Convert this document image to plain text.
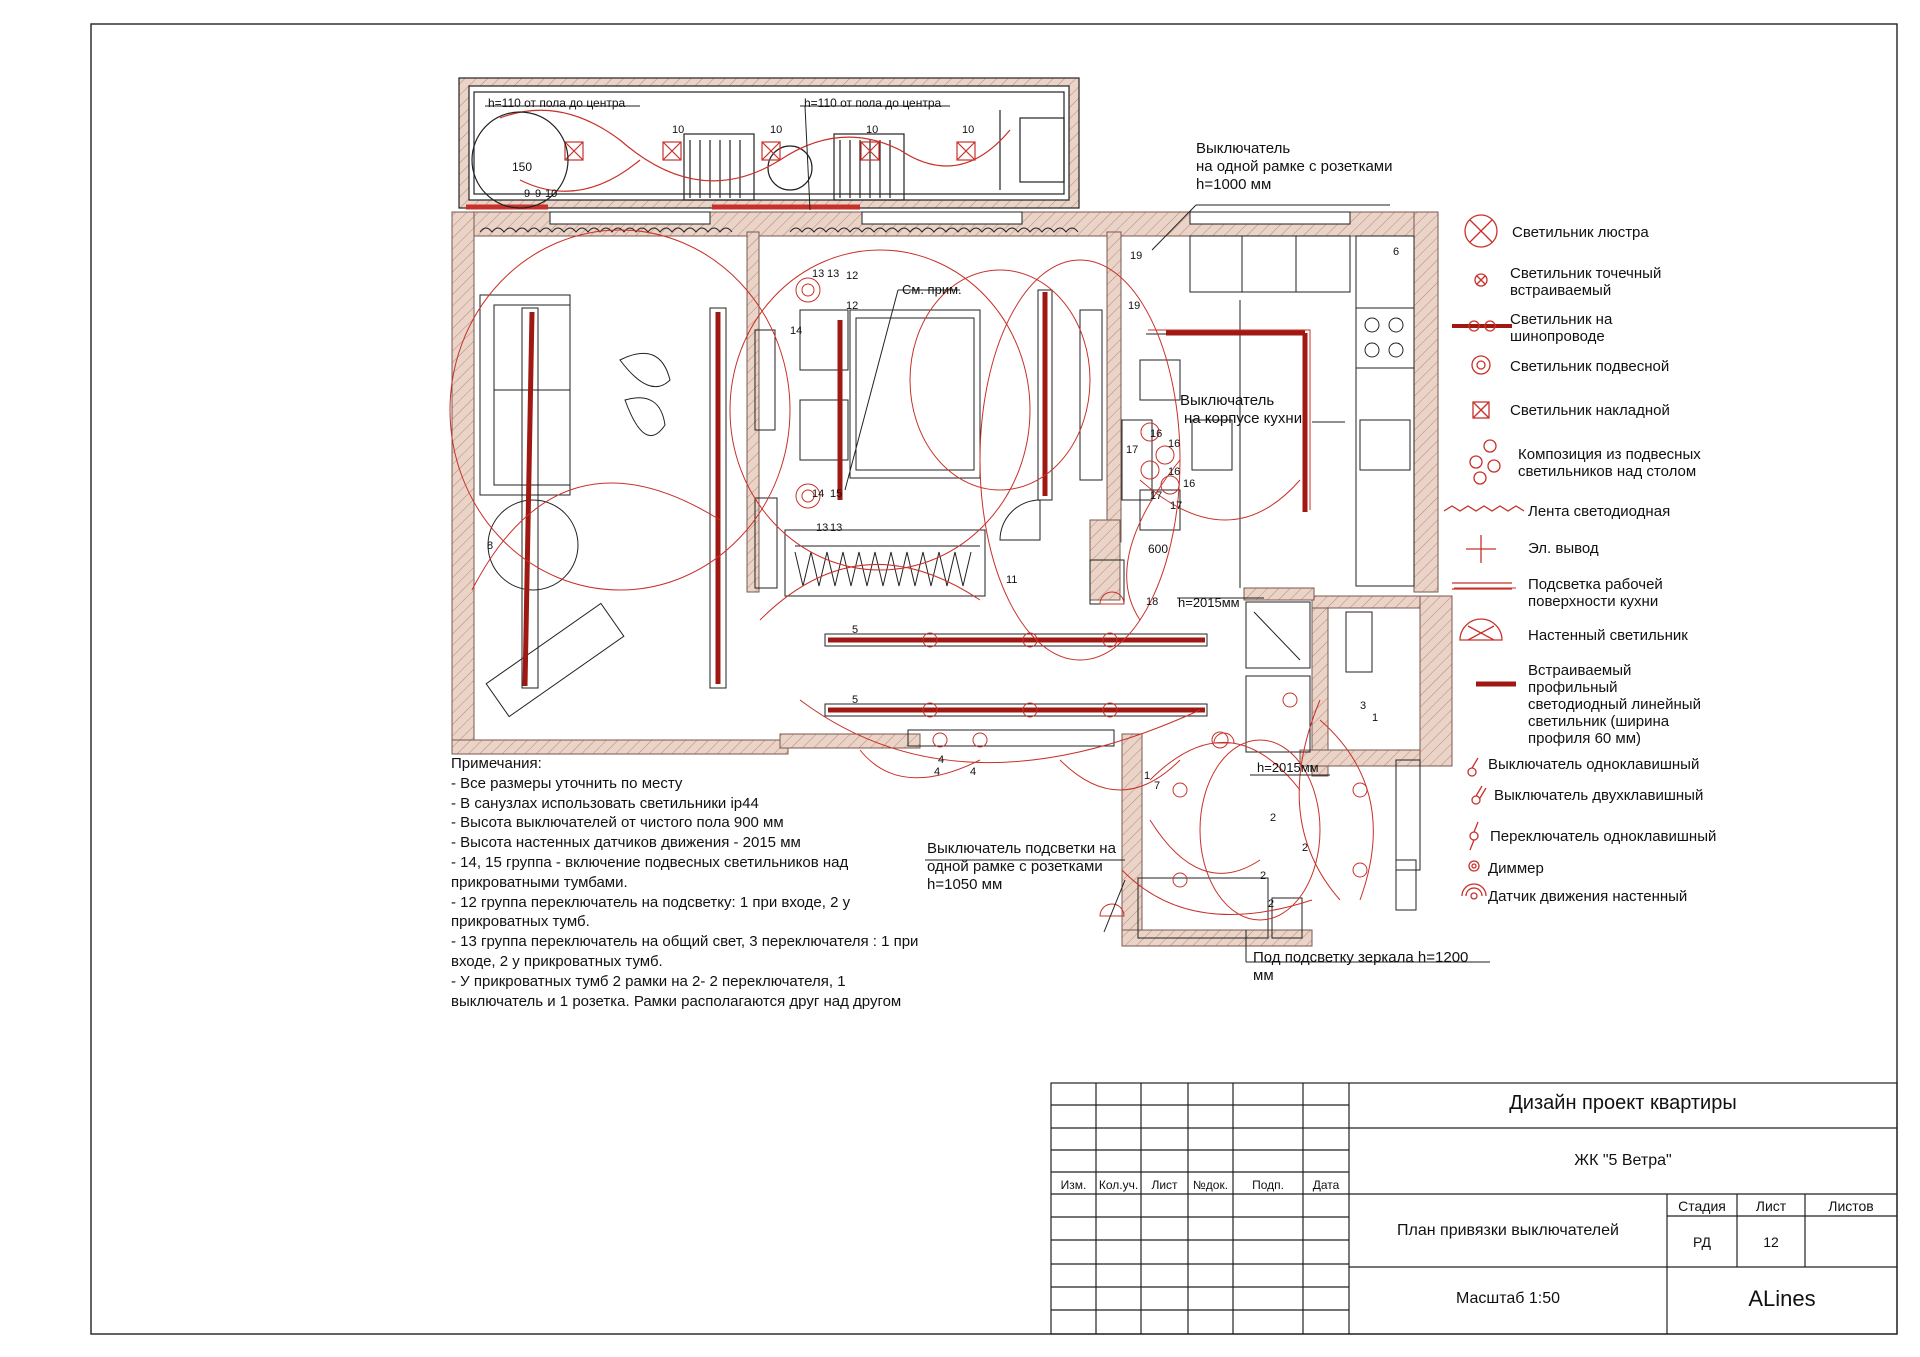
h=110 от пола до центра	h=110 от пола до центра
150
См. прим.
600
h=2015мм
h=2015мм
Выключатель
на одной рамке с розетками
h=1000 мм
Выключатель
на корпусе кухни
Выключатель подсветки на
одной рамке с розетками
h=1050 мм
Под подсветку зеркала h=1200
мм
10	10	10	10
9 9 10
13 13 12
14
12
14 15
13 13
16
16
16
16
17
17
17
19
19
5
5
4
4	4
2
2
2
2
3
1
1
7
8
11
18
6
Светильник люстра
Светильник точечный
встраиваемый
Светильник на
шинопроводе
Светильник подвесной
Светильник накладной
Композиция из подвесных
светильников над столом
Лента светодиодная
Эл. вывод
Подсветка рабочей
поверхности кухни
Настенный светильник
Встраиваемый
профильный
светодиодный линейный
светильник (ширина
профиля 60 мм)
Выключатель одноклавишный
Выключатель двухклавишный
Переключатель одноклавишный
Диммер
Датчик движения настенный
Примечания:
- Все размеры уточнить по месту
- В санузлах использовать светильники ip44
- Высота выключателей от чистого пола 900 мм
- Высота настенных датчиков движения - 2015 мм
- 14, 15 группа - включение подвесных светильников над прикроватными тумбами.
- 12 группа переключатель на подсветку: 1 при входе, 2 у прикроватных тумб.
- 13 группа переключатель на общий свет, 3 переключателя : 1 при входе, 2 у прикроватных тумб.
- У прикроватных тумб 2 рамки на 2- 2 переключателя, 1 выключатель и 1 розетка. Рамки располагаются друг над другом
Дизайн проект квартиры
ЖК "5 Ветра"
План привязки выключателей
Масштаб 1:50	ALines
Стадия	Лист	Листов
РД	12
Изм.	Кол.уч.	Лист	№док.	Подп.	Дата
